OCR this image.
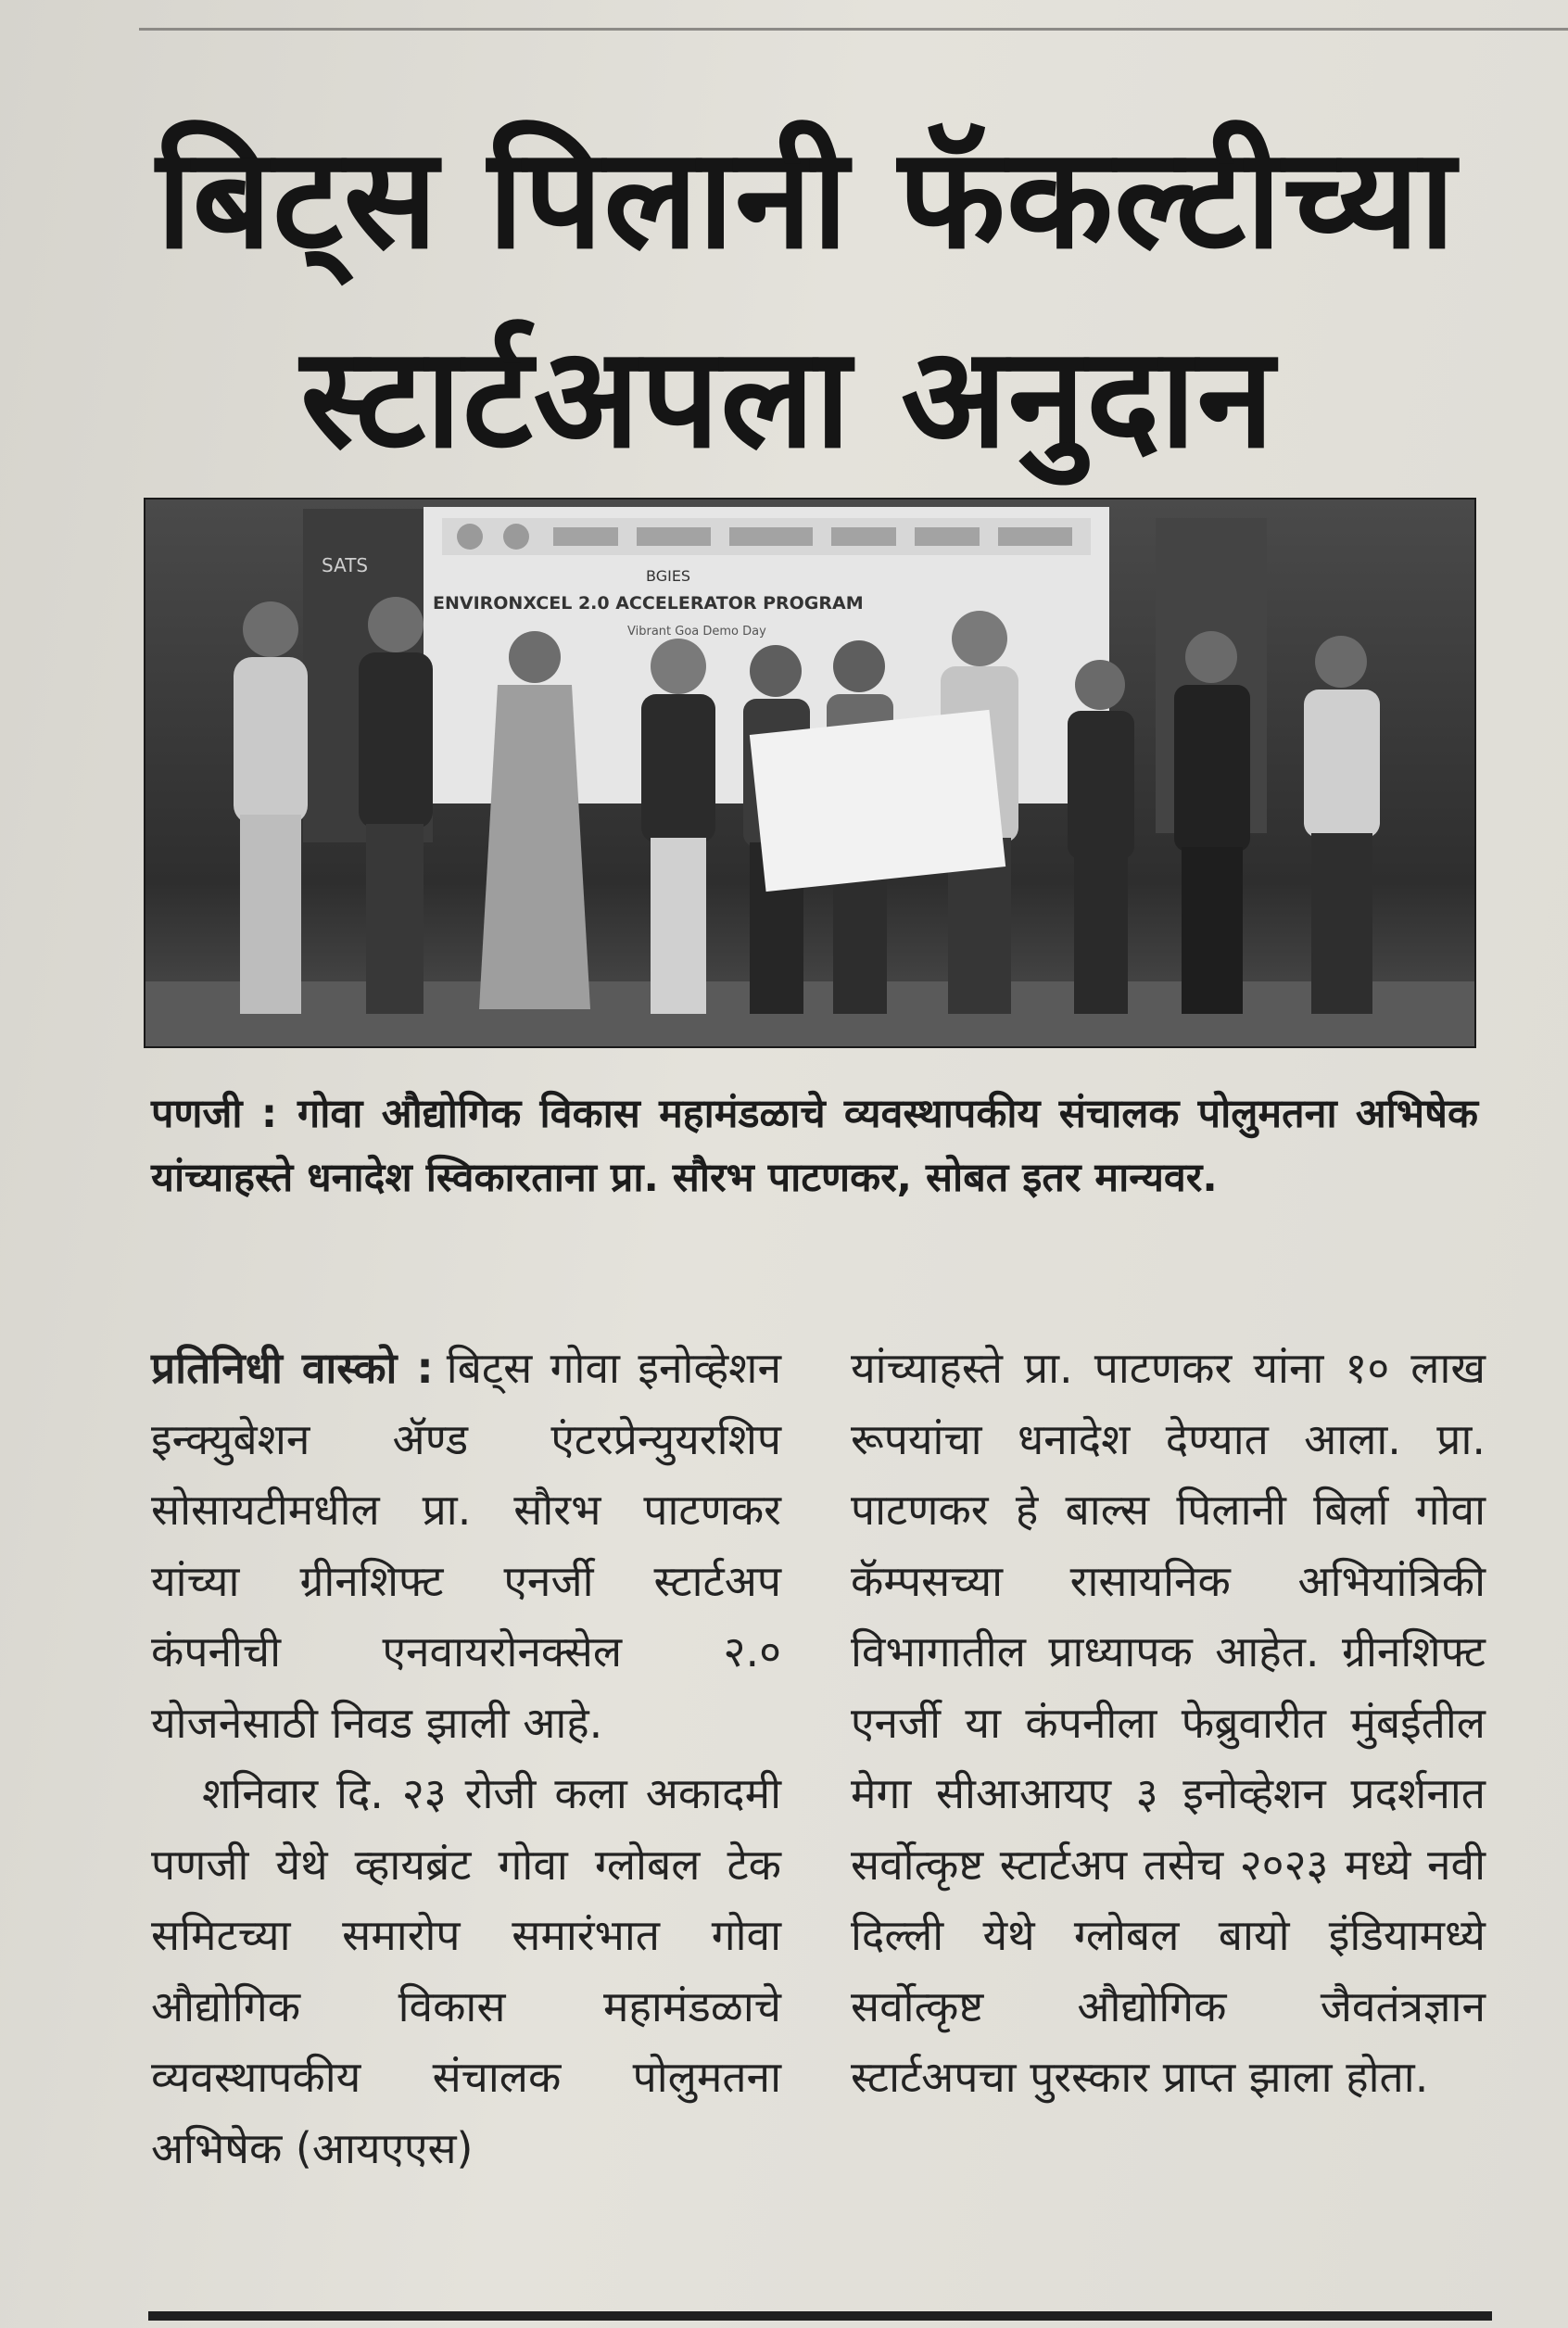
बिट्स पिलानी फॅकल्टीच्या
स्टार्टअपला अनुदान
SATS	BGIES
ENVIRONXCEL 2.0 ACCELERATOR PROGRAM
Vibrant Goa Demo Day

पणजी : गोवा औद्योगिक विकास महामंडळाचे व्यवस्थापकीय संचालक पोलुमतना अभिषेक यांच्याहस्ते धनादेश स्विकारताना प्रा. सौरभ पाटणकर, सोबत इतर मान्यवर.

प्रतिनिधी वास्को : बिट्स गोवा इनोव्हेशन इन्क्युबेशन ॲण्ड एंटरप्रेन्युयरशिप सोसायटीमधील प्रा. सौरभ पाटणकर यांच्या ग्रीनशिफ्ट एनर्जी स्टार्टअप कंपनीची एनवायरोनक्सेल २.० योजनेसाठी निवड झाली आहे.

शनिवार दि. २३ रोजी कला अकादमी पणजी येथे व्हायब्रंट गोवा ग्लोबल टेक समिटच्या समारोप समारंभात गोवा औद्योगिक विकास महामंडळाचे व्यवस्थापकीय संचालक पोलुमतना अभिषेक (आयएएस)

यांच्याहस्ते प्रा. पाटणकर यांना १० लाख रूपयांचा धनादेश देण्यात आला. प्रा. पाटणकर हे बाल्स पिलानी बिर्ला गोवा कॅम्पसच्या रासायनिक अभियांत्रिकी विभागातील प्राध्यापक आहेत. ग्रीनशिफ्ट एनर्जी या कंपनीला फेब्रुवारीत मुंबईतील मेगा सीआआयए ३ इनोव्हेशन प्रदर्शनात सर्वोत्कृष्ट स्टार्टअप तसेच २०२३ मध्ये नवी दिल्ली येथे ग्लोबल बायो इंडियामध्ये सर्वोत्कृष्ट औद्योगिक जैवतंत्रज्ञान स्टार्टअपचा पुरस्कार प्राप्त झाला होता.
